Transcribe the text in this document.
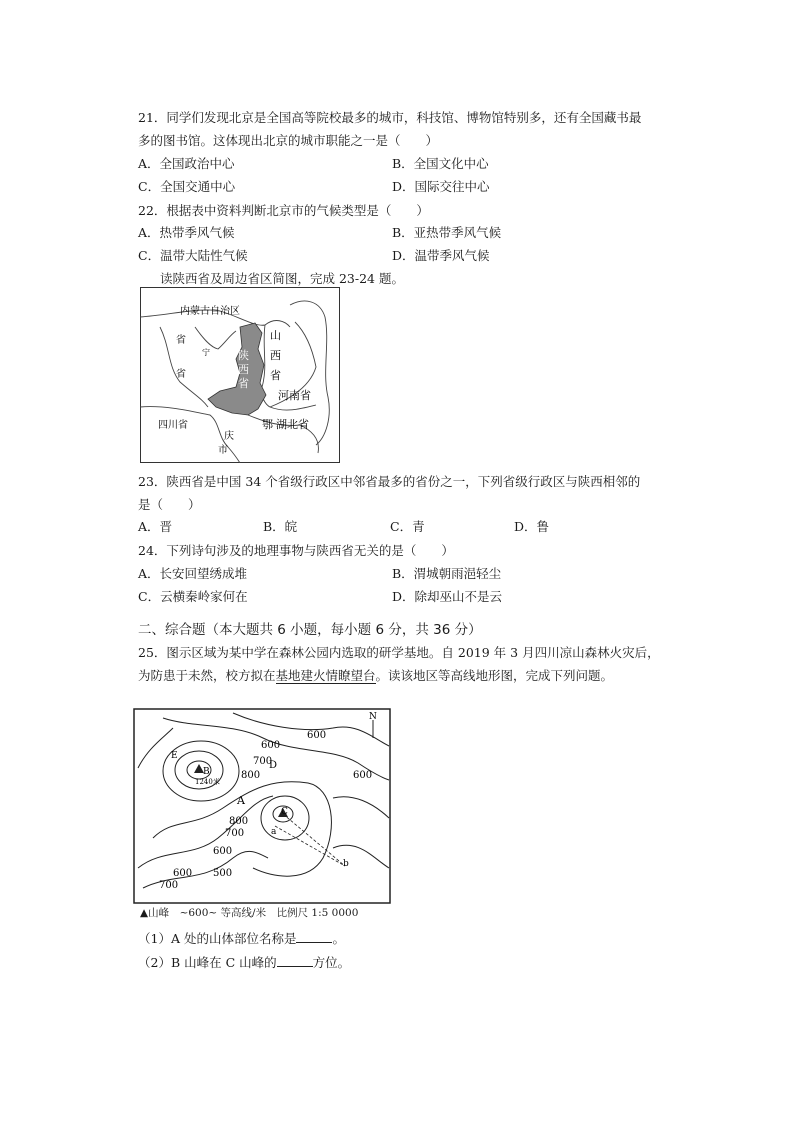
21．同学们发现北京是全国高等院校最多的城市，科技馆、博物馆特别多，还有全国藏书最
多的图书馆。这体现出北京的城市职能之一是（　　）
A．全国政治中心	B．全国文化中心
C．全国交通中心	D．国际交往中心
22．根据表中资料判断北京市的气候类型是（　　）
A．热带季风气候	B．亚热带季风气候
C．温带大陆性气候	D．温带季风气候
读陕西省及周边省区简图，完成 23-24 题。
内蒙古自治区
山
西
省
陕
西
省
省
省
宁
河南省
四川省	鄂 湖北省
庆
市
23．陕西省是中国 34 个省级行政区中邻省最多的省份之一，下列省级行政区与陕西相邻的
是（　　）
A．晋	B．皖	C．青	D．鲁
24．下列诗句涉及的地理事物与陕西省无关的是（　　）
A．长安回望绣成堆	B．渭城朝雨浥轻尘
C．云横秦岭家何在	D．除却巫山不是云
二、综合题（本大题共 6 小题，每小题 6 分，共 36 分）
25．图示区域为某中学在森林公园内选取的研学基地。自 2019 年 3 月四川凉山森林火灾后，
为防患于未然，校方拟在基地建火情瞭望台。读该地区等高线地形图，完成下列问题。
N
600
600
700
800	600
800
700
600
500
600
700
A
B
C
D
E
a
b
1240米
▲山峰　~600~ 等高线/米　比例尺 1:5 0000
（1）A 处的山体部位名称是	。
（2）B 山峰在 C 山峰的	方位。
